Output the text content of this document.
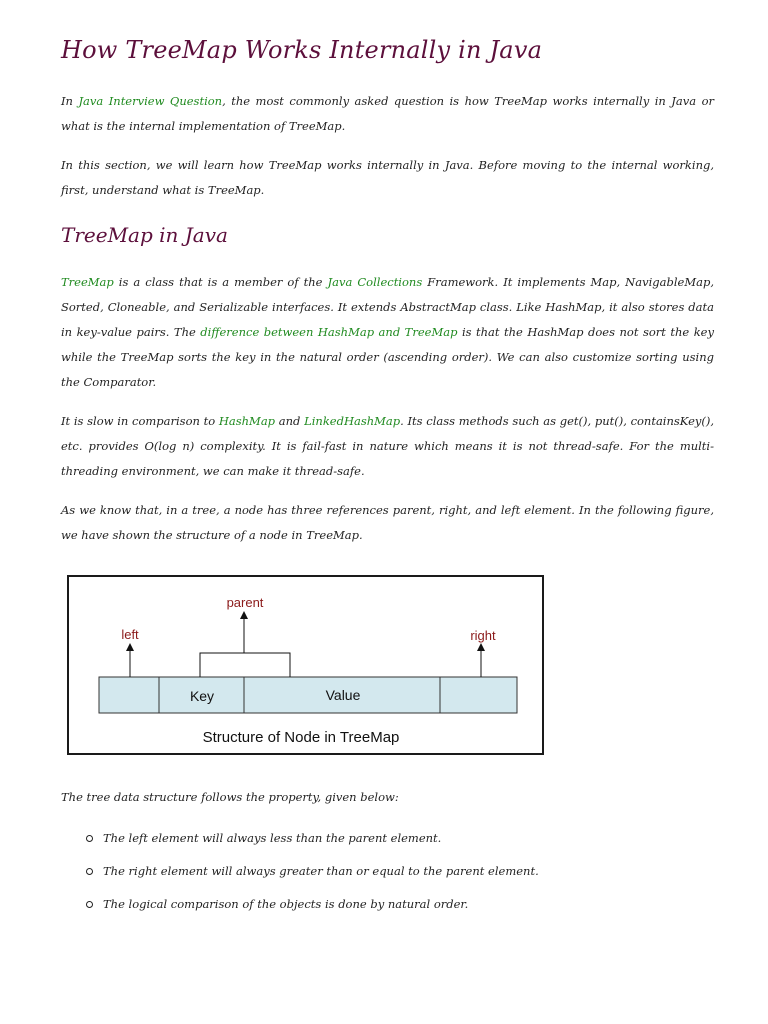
How TreeMap Works Internally in Java

In Java Interview Question, the most commonly asked question is how TreeMap works internally in Java or what is the internal implementation of TreeMap.

In this section, we will learn how TreeMap works internally in Java. Before moving to the internal working, first, understand what is TreeMap.

TreeMap in Java

TreeMap is a class that is a member of the Java Collections Framework. It implements Map, NavigableMap, Sorted, Cloneable, and Serializable interfaces. It extends AbstractMap class. Like HashMap, it also stores data in key-value pairs. The difference between HashMap and TreeMap is that the HashMap does not sort the key while the TreeMap sorts the key in the natural order (ascending order). We can also customize sorting using the Comparator.

It is slow in comparison to HashMap and LinkedHashMap. Its class methods such as get(), put(), containsKey(), etc. provides O(log n) complexity. It is fail-fast in nature which means it is not thread-safe. For the multi-threading environment, we can make it thread-safe.

As we know that, in a tree, a node has three references parent, right, and left element. In the following figure, we have shown the structure of a node in TreeMap.

parent
left	right
Key	Value
Structure of Node in TreeMap

The tree data structure follows the property, given below:

The left element will always less than the parent element.
The right element will always greater than or equal to the parent element.
The logical comparison of the objects is done by natural order.
